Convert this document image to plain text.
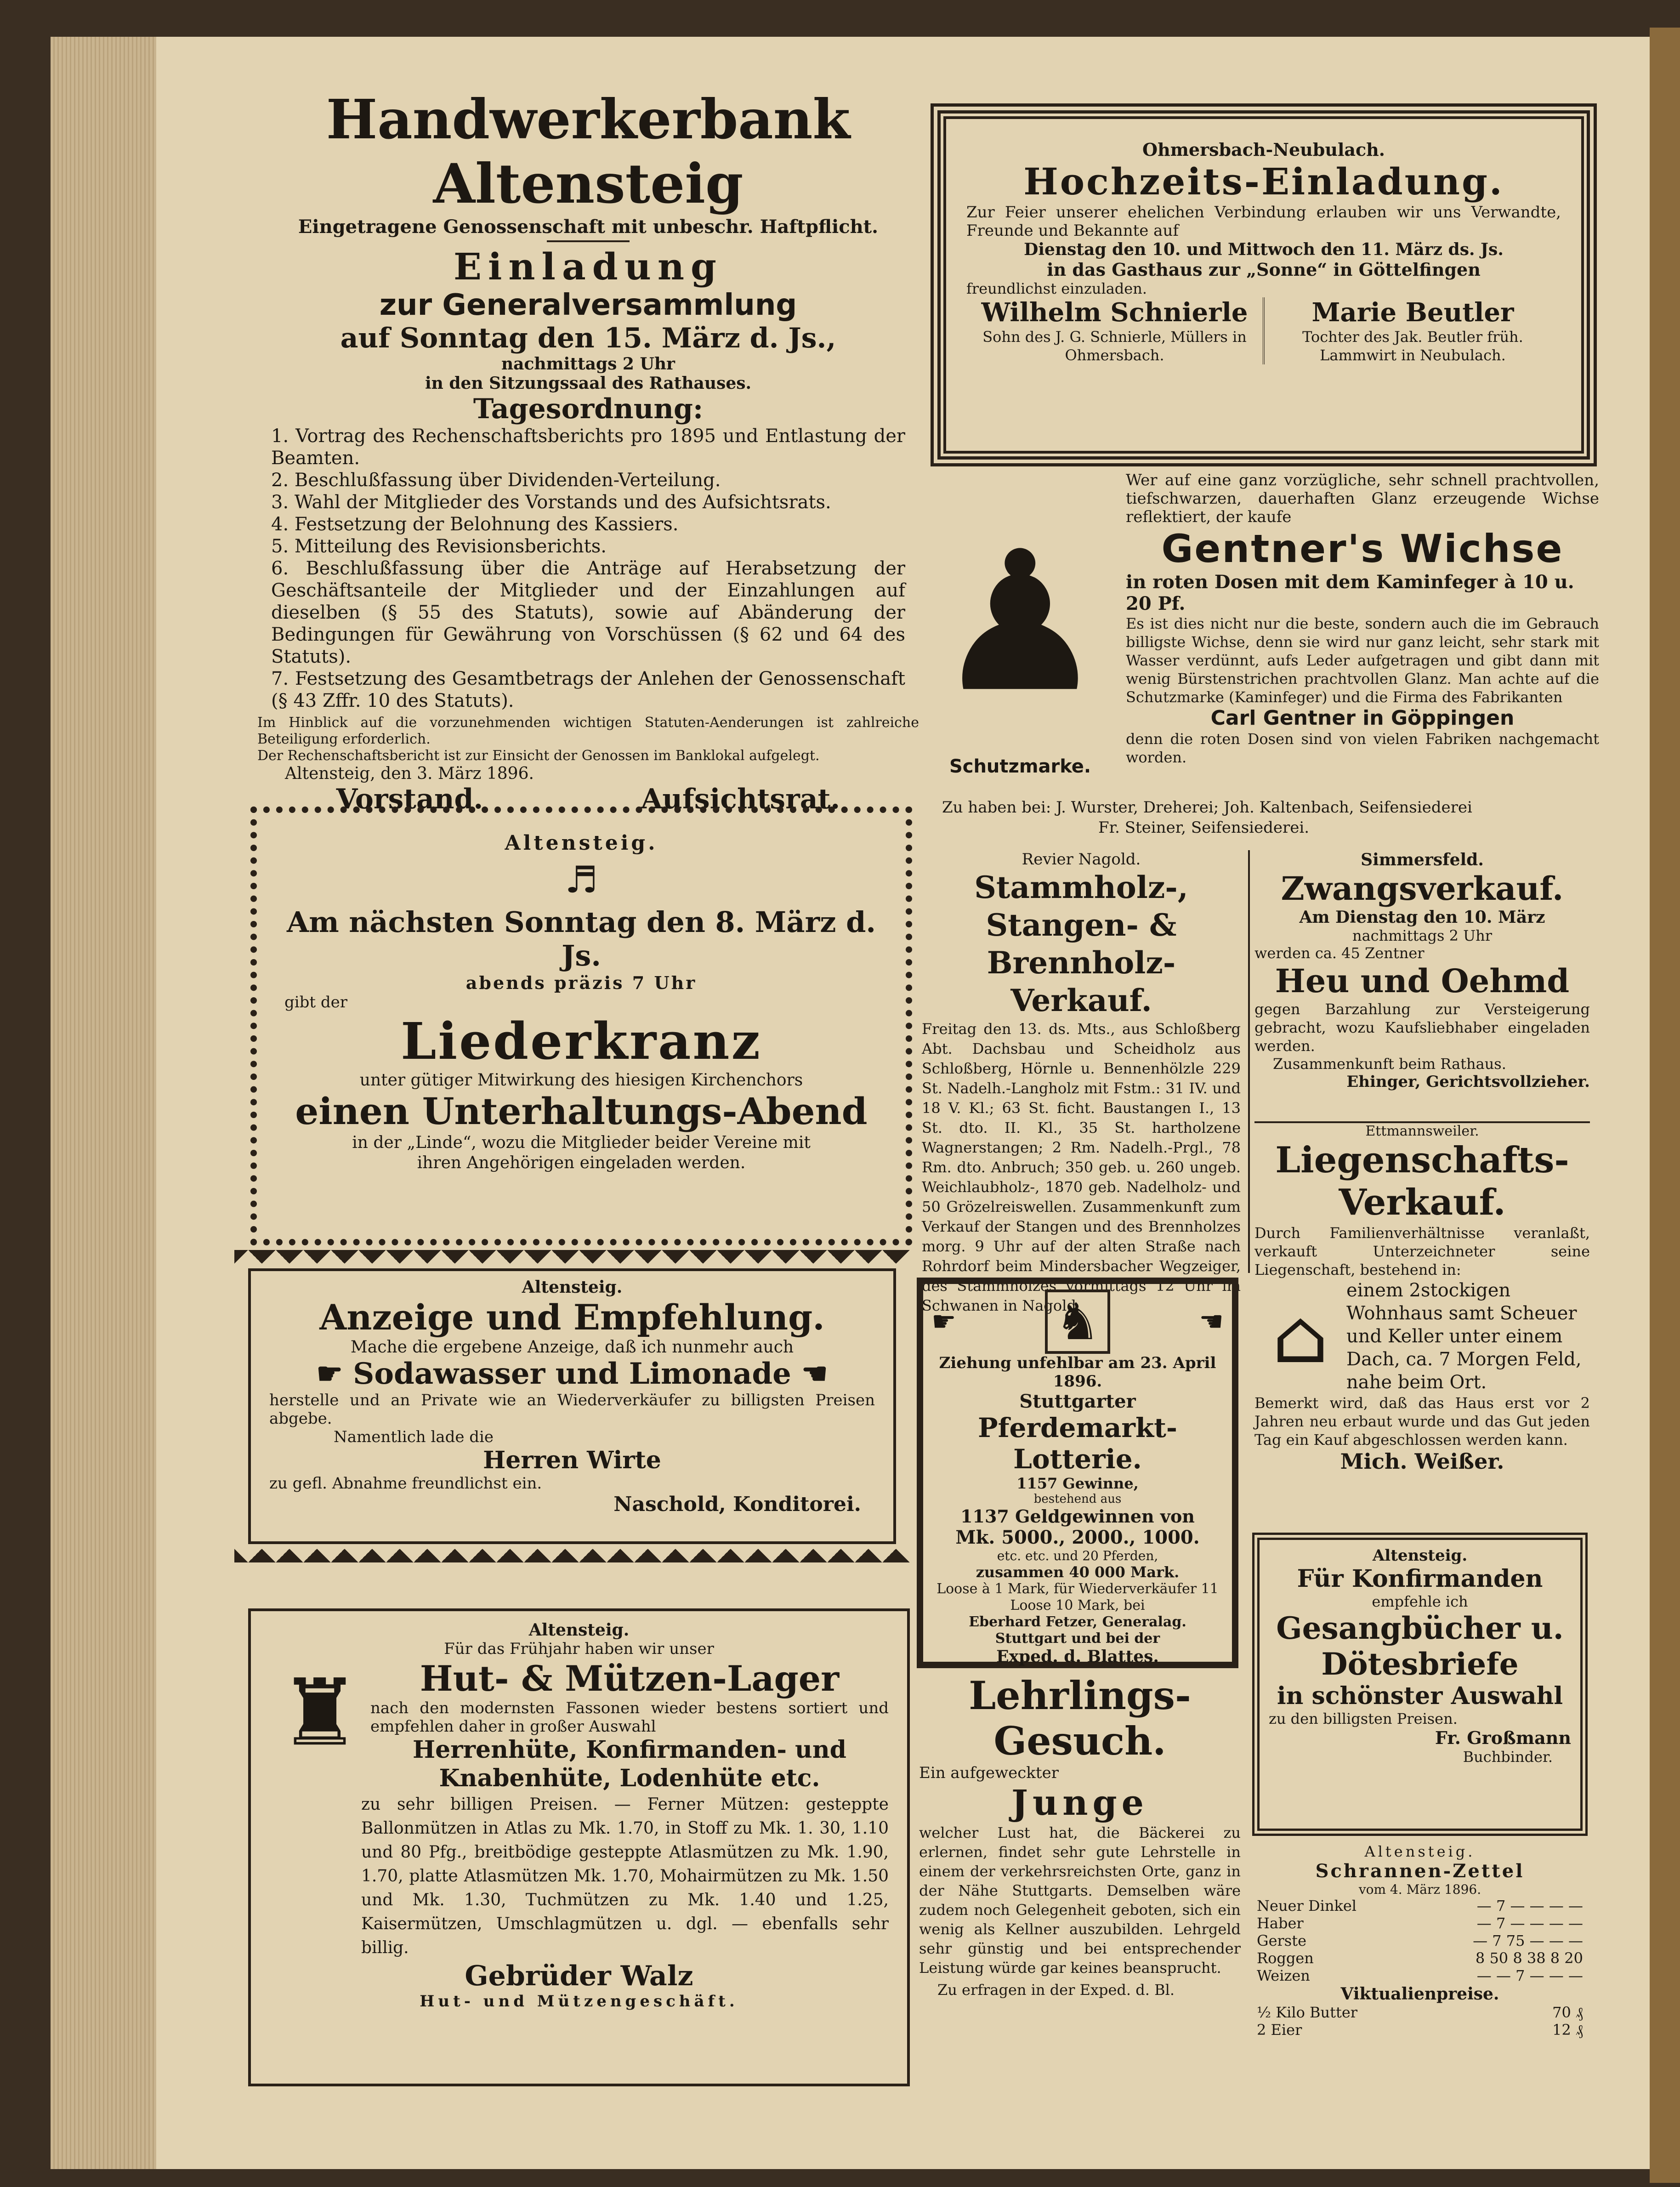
Handwerkerbank Altensteig
Eingetragene Genossenschaft mit unbeschr. Haftpflicht.
Einladung
zur Generalversammlung
auf Sonntag den 15. März d. Js.,
nachmittags 2 Uhr
in den Sitzungssaal des Rathauses.
Tagesordnung:

1. Vortrag des Rechenschaftsberichts pro 1895 und Entlastung der Beamten.

2. Beschlußfassung über Dividenden-Verteilung.

3. Wahl der Mitglieder des Vorstands und des Aufsichtsrats.

4. Festsetzung der Belohnung des Kassiers.

5. Mitteilung des Revisionsberichts.

6. Beschlußfassung über die Anträge auf Herabsetzung der Geschäftsanteile der Mitglieder und der Einzahlungen auf dieselben (§ 55 des Statuts), sowie auf Abänderung der Bedingungen für Gewährung von Vorschüssen (§ 62 und 64 des Statuts).

7. Festsetzung des Gesamtbetrags der Anlehen der Genossenschaft (§ 43 Zffr. 10 des Statuts).

Im Hinblick auf die vorzunehmenden wichtigen Statuten-Aenderungen ist zahlreiche Beteiligung erforderlich.

Der Rechenschaftsbericht ist zur Einsicht der Genossen im Banklokal aufgelegt.

Altensteig, den 3. März 1896.

Vorstand.	Aufsichtsrat.
Altensteig.
♬
Am nächsten Sonntag den 8. März d. Js.
abends präzis 7 Uhr
gibt der
Liederkranz
unter gütiger Mitwirkung des hiesigen Kirchenchors
einen Unterhaltungs-Abend
in der „Linde“, wozu die Mitglieder beider Vereine mit ihren Angehörigen eingeladen werden.
Altensteig.
Anzeige und Empfehlung.
Mache die ergebene Anzeige, daß ich nunmehr auch
☛ Sodawasser und Limonade ☚

herstelle und an Private wie an Wiederverkäufer zu billigsten Preisen abgebe.

Namentlich lade die

Herren Wirte

zu gefl. Abnahme freundlichst ein.

Naschold, Konditorei.
Altensteig.
Für das Frühjahr haben wir unser
♜	Hut- & Mützen-Lager

nach den modernsten Fassonen wieder bestens sortiert und empfehlen daher in großer Auswahl

Herrenhüte, Konfirmanden- und Knabenhüte, Lodenhüte etc.

zu sehr billigen Preisen. — Ferner Mützen: gesteppte Ballonmützen in Atlas zu Mk. 1.70, in Stoff zu Mk. 1. 30, 1.10 und 80 Pfg., breitbödige gesteppte Atlasmützen zu Mk. 1.90, 1.70, platte Atlasmützen Mk. 1.70, Mohairmützen zu Mk. 1.50 und Mk. 1.30, Tuchmützen zu Mk. 1.40 und 1.25, Kaisermützen, Umschlagmützen u. dgl. — ebenfalls sehr billig.

Gebrüder Walz
Hut- und Mützengeschäft.
Ohmersbach-Neubulach.
Hochzeits-Einladung.

Zur Feier unserer ehelichen Verbindung erlauben wir uns Verwandte, Freunde und Bekannte auf

Dienstag den 10. und Mittwoch den 11. März ds. Js.
in das Gasthaus zur „Sonne“ in Göttelfingen

freundlichst einzuladen.

Wilhelm Schnierle
Sohn des J. G. Schnierle, Müllers in Ohmersbach.
Marie Beutler
Tochter des Jak. Beutler früh. Lammwirt in Neubulach.
♟
Schutzmarke.

Wer auf eine ganz vorzügliche, sehr schnell prachtvollen, tiefschwarzen, dauerhaften Glanz erzeugende Wichse reflektiert, der kaufe

Gentner's Wichse
in roten Dosen mit dem Kaminfeger à 10 u. 20 Pf.

Es ist dies nicht nur die beste, sondern auch die im Gebrauch billigste Wichse, denn sie wird nur ganz leicht, sehr stark mit Wasser verdünnt, aufs Leder aufgetragen und gibt dann mit wenig Bürstenstrichen prachtvollen Glanz. Man achte auf die Schutzmarke (Kaminfeger) und die Firma des Fabrikanten

Carl Gentner in Göppingen

denn die roten Dosen sind von vielen Fabriken nachgemacht worden.

Zu haben bei: J. Wurster, Dreherei; Joh. Kaltenbach, Seifensiederei
Fr. Steiner, Seifensiederei.
Revier Nagold.
Stammholz-, Stangen- & Brennholz-Verkauf.

Freitag den 13. ds. Mts., aus Schloßberg Abt. Dachsbau und Scheidholz aus Schloßberg, Hörnle u. Bennenhölzle 229 St. Nadelh.-Langholz mit Fstm.: 31 IV. und 18 V. Kl.; 63 St. ficht. Baustangen I., 13 St. dto. II. Kl., 35 St. hartholzene Wagnerstangen; 2 Rm. Nadelh.-Prgl., 78 Rm. dto. Anbruch; 350 geb. u. 260 ungeb. Weichlaubholz-, 1870 geb. Nadelholz- und 50 Grözelreiswellen. Zusammenkunft zum Verkauf der Stangen und des Brennholzes morg. 9 Uhr auf der alten Straße nach Rohrdorf beim Mindersbacher Wegzeiger, des Stammholzes vormittags 12 Uhr im Schwanen in Nagold.

☛ ♞	☚
Ziehung unfehlbar am 23. April 1896.
Stuttgarter
Pferdemarkt-Lotterie.
1157 Gewinne,
bestehend aus
1137 Geldgewinnen von
Mk. 5000., 2000., 1000.
etc. etc. und 20 Pferden,
zusammen 40 000 Mark.
Loose à 1 Mark, für Wiederverkäufer 11 Loose 10 Mark, bei
Eberhard Fetzer, Generalag. Stuttgart und bei der
Exped. d. Blattes.
Lehrlings-Gesuch.
Ein aufgeweckter
Junge

welcher Lust hat, die Bäckerei zu erlernen, findet sehr gute Lehrstelle in einem der verkehrsreichsten Orte, ganz in der Nähe Stuttgarts. Demselben wäre zudem noch Gelegenheit geboten, sich ein wenig als Kellner auszubilden. Lehrgeld sehr günstig und bei entsprechender Leistung würde gar keines beansprucht.

Zu erfragen in der Exped. d. Bl.

Simmersfeld.
Zwangsverkauf.
Am Dienstag den 10. März
nachmittags 2 Uhr
werden ca. 45 Zentner
Heu und Oehmd

gegen Barzahlung zur Versteigerung gebracht, wozu Kaufsliebhaber eingeladen werden.

Zusammenkunft beim Rathaus.

Ehinger, Gerichtsvollzieher.

Ettmannsweiler.
Liegenschafts-Verkauf.

Durch Familienverhältnisse veranlaßt, verkauft Unterzeichneter seine Liegenschaft, bestehend in:

⌂

einem 2stockigen Wohnhaus samt Scheuer und Keller unter einem Dach, ca. 7 Morgen Feld, nahe beim Ort.

Bemerkt wird, daß das Haus erst vor 2 Jahren neu erbaut wurde und das Gut jeden Tag ein Kauf abgeschlossen werden kann.

Mich. Weißer.
Altensteig.
Für Konfirmanden
empfehle ich
Gesangbücher u. Dötesbriefe
in schönster Auswahl
zu den billigsten Preisen.
Fr. Großmann
Buchbinder.
Altensteig.
Schrannen-Zettel
vom 4. März 1896.
Neuer Dinkel	— 7 — — — —
Haber	— 7 — — — —
Gerste	— 7 75 — — —
Roggen	8 50 8 38 8 20
Weizen	— — 7 — — —
Viktualienpreise.
½ Kilo Butter	70 ₰
2 Eier	12 ₰
